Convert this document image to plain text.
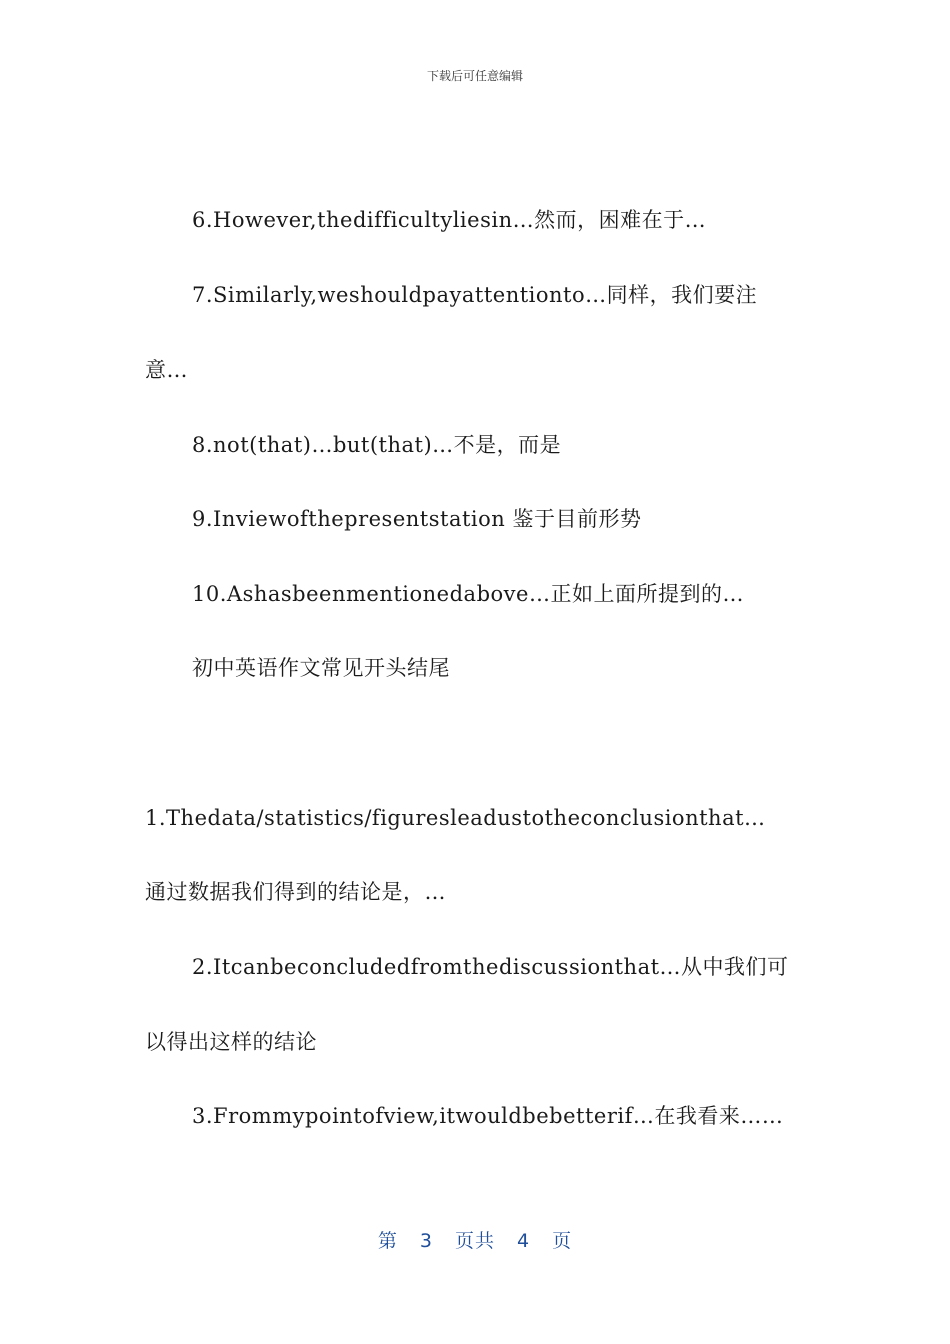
下载后可任意编辑
6.However,thedifficultyliesin…然而，困难在于…
7.Similarly,weshouldpayattentionto…同样，我们要注
意…
8.not(that)…but(that)…不是，而是
9.Inviewofthepresentstation 鉴于目前形势
10.Ashasbeenmentionedabove…正如上面所提到的…
初中英语作文常见开头结尾
1.Thedata/statistics/figuresleadustotheconclusionthat…
通过数据我们得到的结论是，…
2.Itcanbeconcludedfromthediscussionthat…从中我们可
以得出这样的结论
3.Frommypointofview,itwouldbebetterif…在我看来……
第 3 页共 4 页
